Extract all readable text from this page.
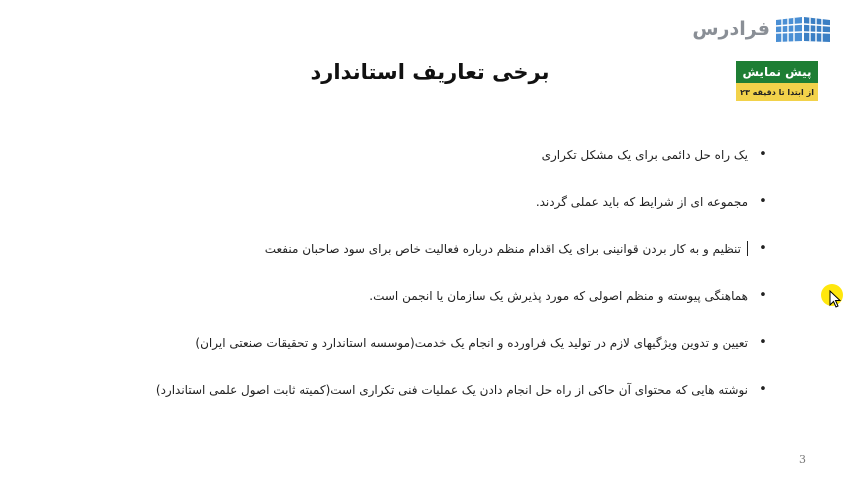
فرادرس
پیش نمایش
از ابتدا تا دقیقه ۲۳
برخی تعاریف استاندارد
•
یک راه حل دائمی برای یک مشکل تکراری
•
مجموعه ای از شرایط که باید عملی گردند.
•
تنظیم و به کار بردن قوانینی برای یک اقدام منظم درباره فعالیت خاص برای سود صاحبان منفعت
•
هماهنگی پیوسته و منظم اصولی که مورد پذیرش یک سازمان یا انجمن است.
•
تعیین و تدوین ویژگیهای لازم در تولید یک فراورده و انجام یک خدمت(موسسه استاندارد و تحقیقات صنعتی ایران)
•
نوشته هایی که محتوای آن حاکی از راه حل انجام دادن یک عملیات فنی تکراری است(کمیته ثابت اصول علمی استاندارد)
3
